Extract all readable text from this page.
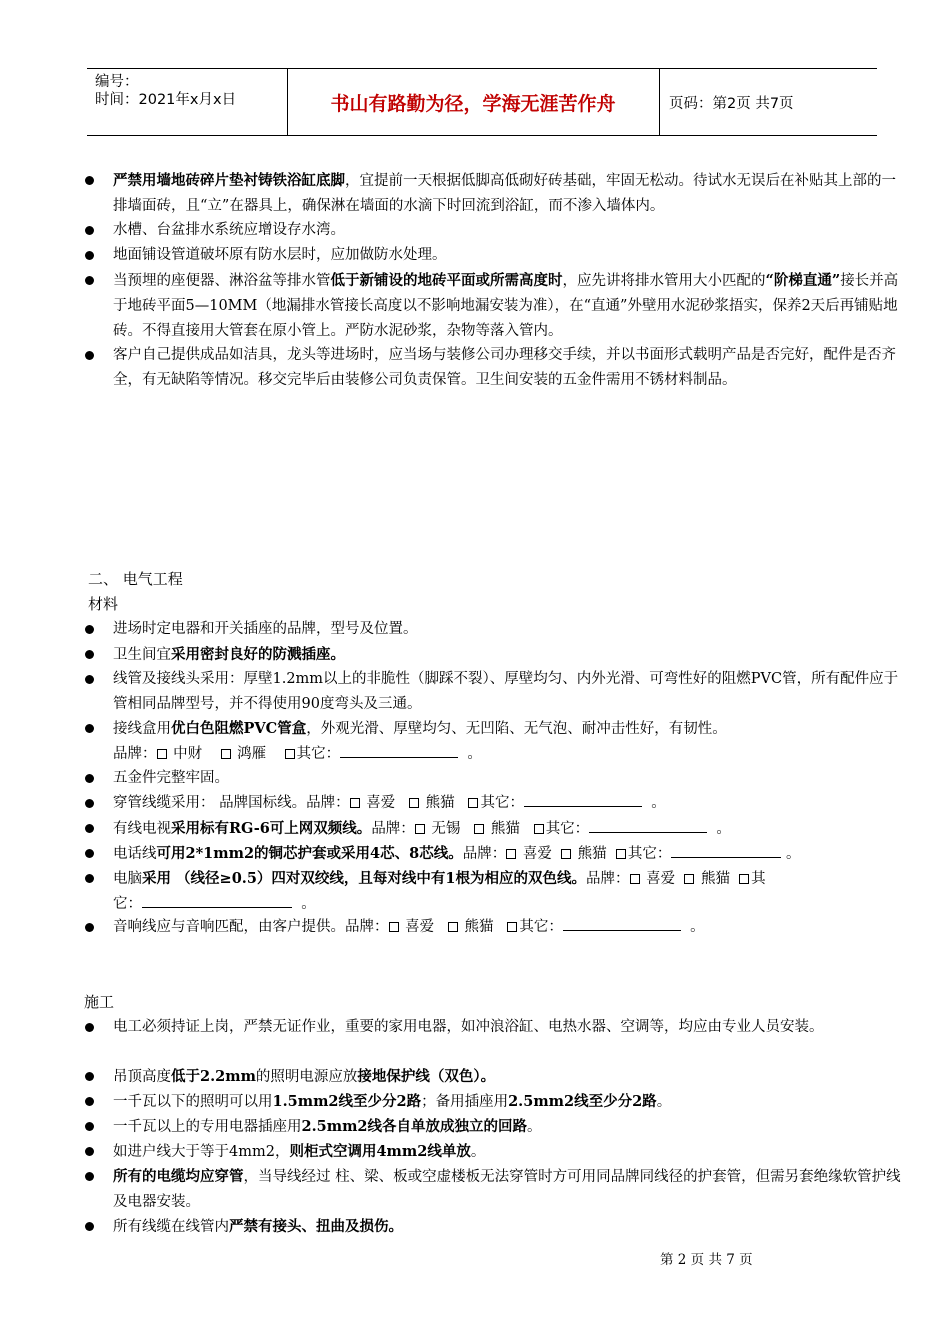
编号：
时间：2021年x月x日	书山有路勤为径，学海无涯苦作舟	页码：第2页 共7页
严禁用墙地砖碎片垫衬铸铁浴缸底脚，宜提前一天根据低脚高低砌好砖基础，牢固无松动。待试水无误后在补贴其上部的一排墙面砖，且“立”在器具上，确保淋在墙面的水滴下时回流到浴缸，而不渗入墙体内。
水槽、台盆排水系统应增设存水湾。
地面铺设管道破坏原有防水层时，应加做防水处理。
当预埋的座便器、淋浴盆等排水管低于新铺设的地砖平面或所需高度时，应先讲将排水管用大小匹配的“阶梯直通”接长并高于地砖平面5—10MM（地漏排水管接长高度以不影响地漏安装为准），在“直通”外壁用水泥砂浆捂实，保养2天后再铺贴地砖。不得直接用大管套在原小管上。严防水泥砂浆，杂物等落入管内。
客户自己提供成品如洁具，龙头等进场时，应当场与装修公司办理移交手续，并以书面形式载明产品是否完好，配件是否齐全，有无缺陷等情况。移交完毕后由装修公司负责保管。卫生间安装的五金件需用不锈材料制品。
二、 电气工程
材料
进场时定电器和开关插座的品牌，型号及位置。
卫生间宜采用密封良好的防溅插座。
线管及接线头采用：厚壁1.2mm以上的非脆性（脚踩不裂）、厚壁均匀、内外光滑、可弯性好的阻燃PVC管，所有配件应于管相同品牌型号，并不得使用90度弯头及三通。
接线盒用优白色阻燃PVC管盒，外观光滑、厚壁均匀、无凹陷、无气泡、耐冲击性好，有韧性。
品牌： 中财 鸿雁 其它：	。
五金件完整牢固。
穿管线缆采用： 品牌国标线。品牌： 喜爱 熊猫 其它：	。
有线电视采用标有RG-6可上网双频线。品牌： 无锡 熊猫 其它：	。
电话线可用2*1mm2的铜芯护套或采用4芯、8芯线。品牌： 喜爱 熊猫 其它：	。
电脑采用 （线径≥0.5）四对双绞线，且每对线中有1根为相应的双色线。品牌： 喜爱 熊猫 其
它：	。
音响线应与音响匹配，由客户提供。品牌： 喜爱 熊猫 其它：	。
施工
电工必须持证上岗，严禁无证作业，重要的家用电器，如冲浪浴缸、电热水器、空调等，均应由专业人员安装。
吊顶高度低于2.2mm的照明电源应放接地保护线（双色）。
一千瓦以下的照明可以用1.5mm2线至少分2路；备用插座用2.5mm2线至少分2路。
一千瓦以上的专用电器插座用2.5mm2线各自单放成独立的回路。
如进户线大于等于4mm2，则柜式空调用4mm2线单放。
所有的电缆均应穿管，当导线经过 柱、梁、板或空虚楼板无法穿管时方可用同品牌同线径的护套管，但需另套绝缘软管护线及电器安装。
所有线缆在线管内严禁有接头、扭曲及损伤。
第 2 页 共 7 页
